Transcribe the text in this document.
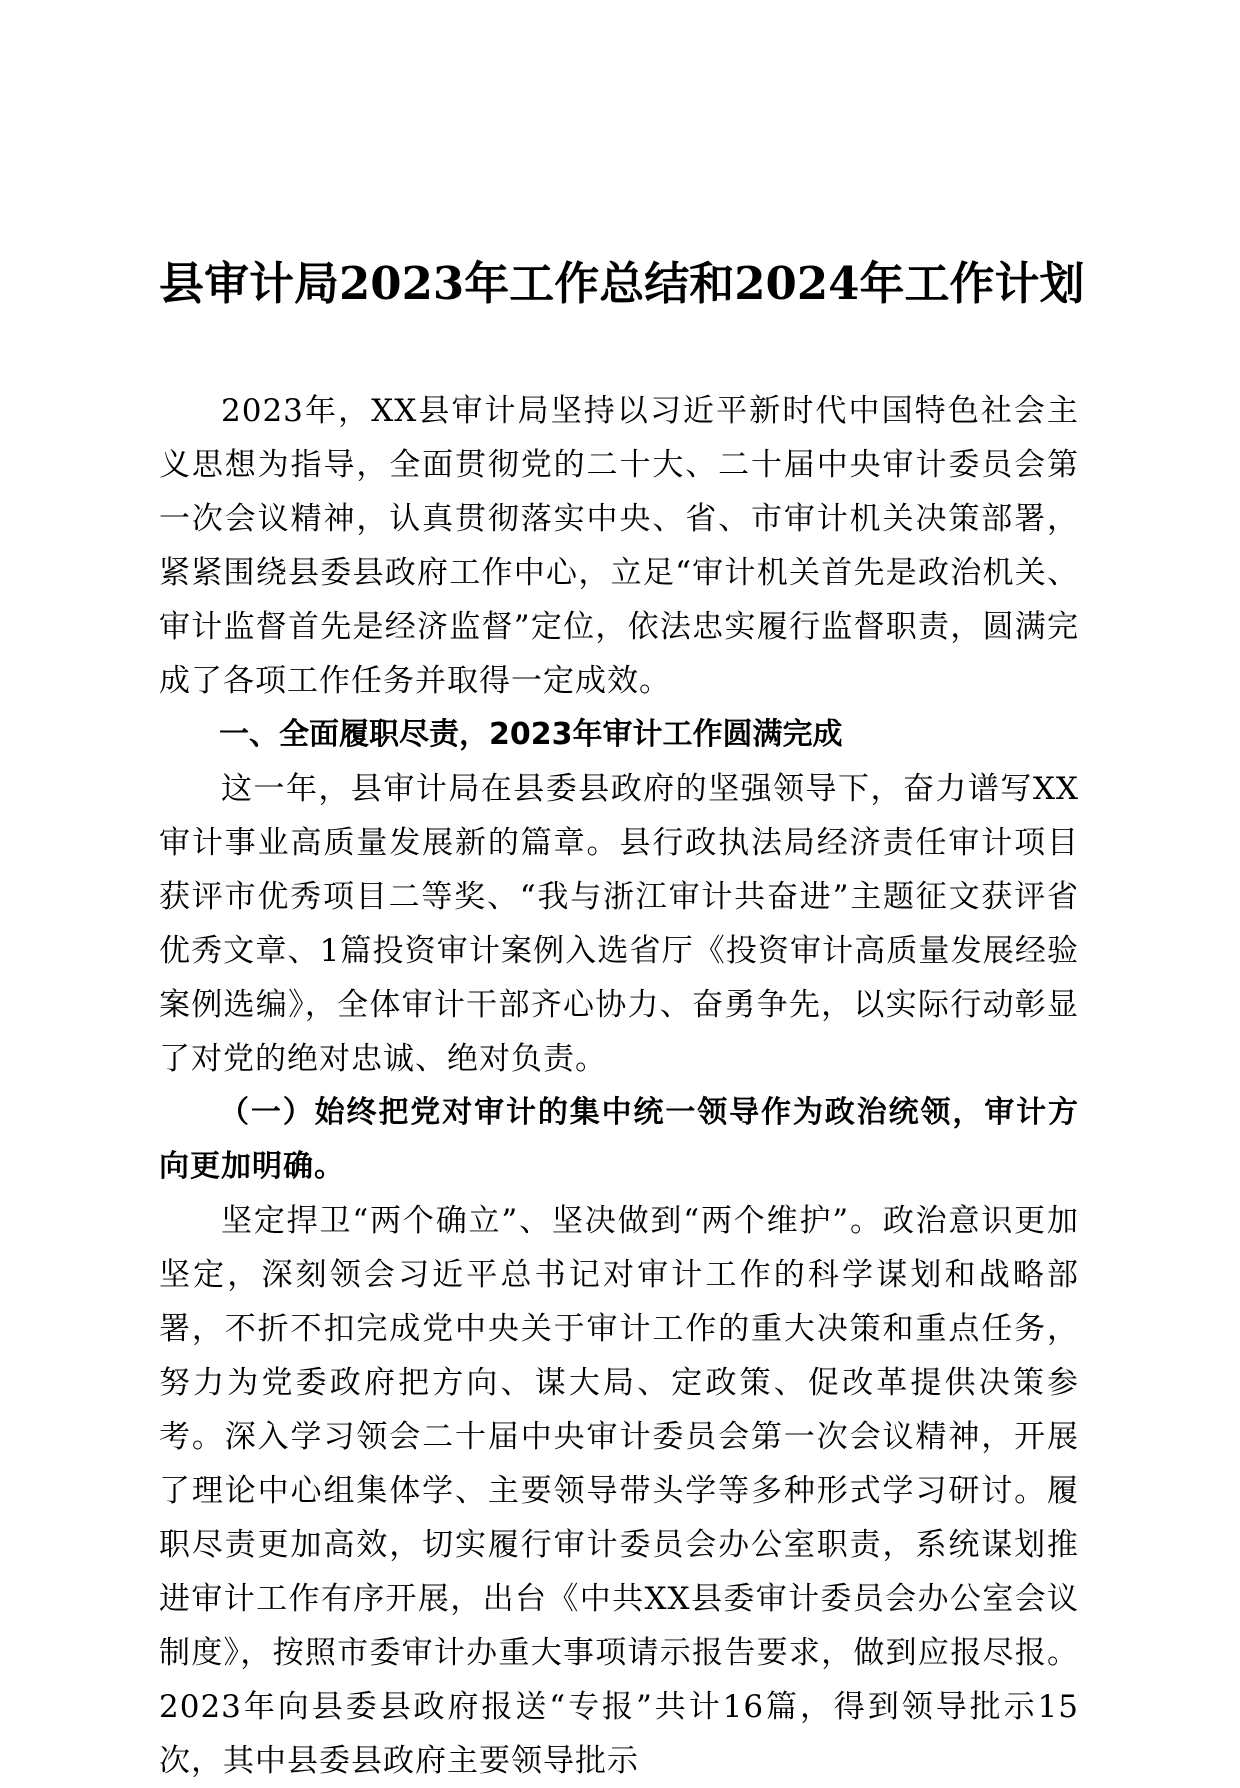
县审计局2023年工作总结和2024年工作计划

2023年，XX县审计局坚持以习近平新时代中国特色社会主义思想为指导，全面贯彻党的二十大、二十届中央审计委员会第一次会议精神，认真贯彻落实中央、省、市审计机关决策部署，紧紧围绕县委县政府工作中心，立足“审计机关首先是政治机关、审计监督首先是经济监督”定位，依法忠实履行监督职责，圆满完成了各项工作任务并取得一定成效。

一、全面履职尽责，2023年审计工作圆满完成

这一年，县审计局在县委县政府的坚强领导下，奋力谱写XX审计事业高质量发展新的篇章。县行政执法局经济责任审计项目获评市优秀项目二等奖、“我与浙江审计共奋进”主题征文获评省优秀文章、1篇投资审计案例入选省厅《投资审计高质量发展经验案例选编》，全体审计干部齐心协力、奋勇争先，以实际行动彰显了对党的绝对忠诚、绝对负责。

（一）始终把党对审计的集中统一领导作为政治统领，审计方向更加明确。

坚定捍卫“两个确立”、坚决做到“两个维护”。政治意识更加坚定，深刻领会习近平总书记对审计工作的科学谋划和战略部署，不折不扣完成党中央关于审计工作的重大决策和重点任务，努力为党委政府把方向、谋大局、定政策、促改革提供决策参考。深入学习领会二十届中央审计委员会第一次会议精神，开展了理论中心组集体学、主要领导带头学等多种形式学习研讨。履职尽责更加高效，切实履行审计委员会办公室职责，系统谋划推进审计工作有序开展，出台《中共XX县委审计委员会办公室会议制度》，按照市委审计办重大事项请示报告要求，做到应报尽报。2023年向县委县政府报送“专报”共计16篇，得到领导批示15次，其中县委县政府主要领导批示
